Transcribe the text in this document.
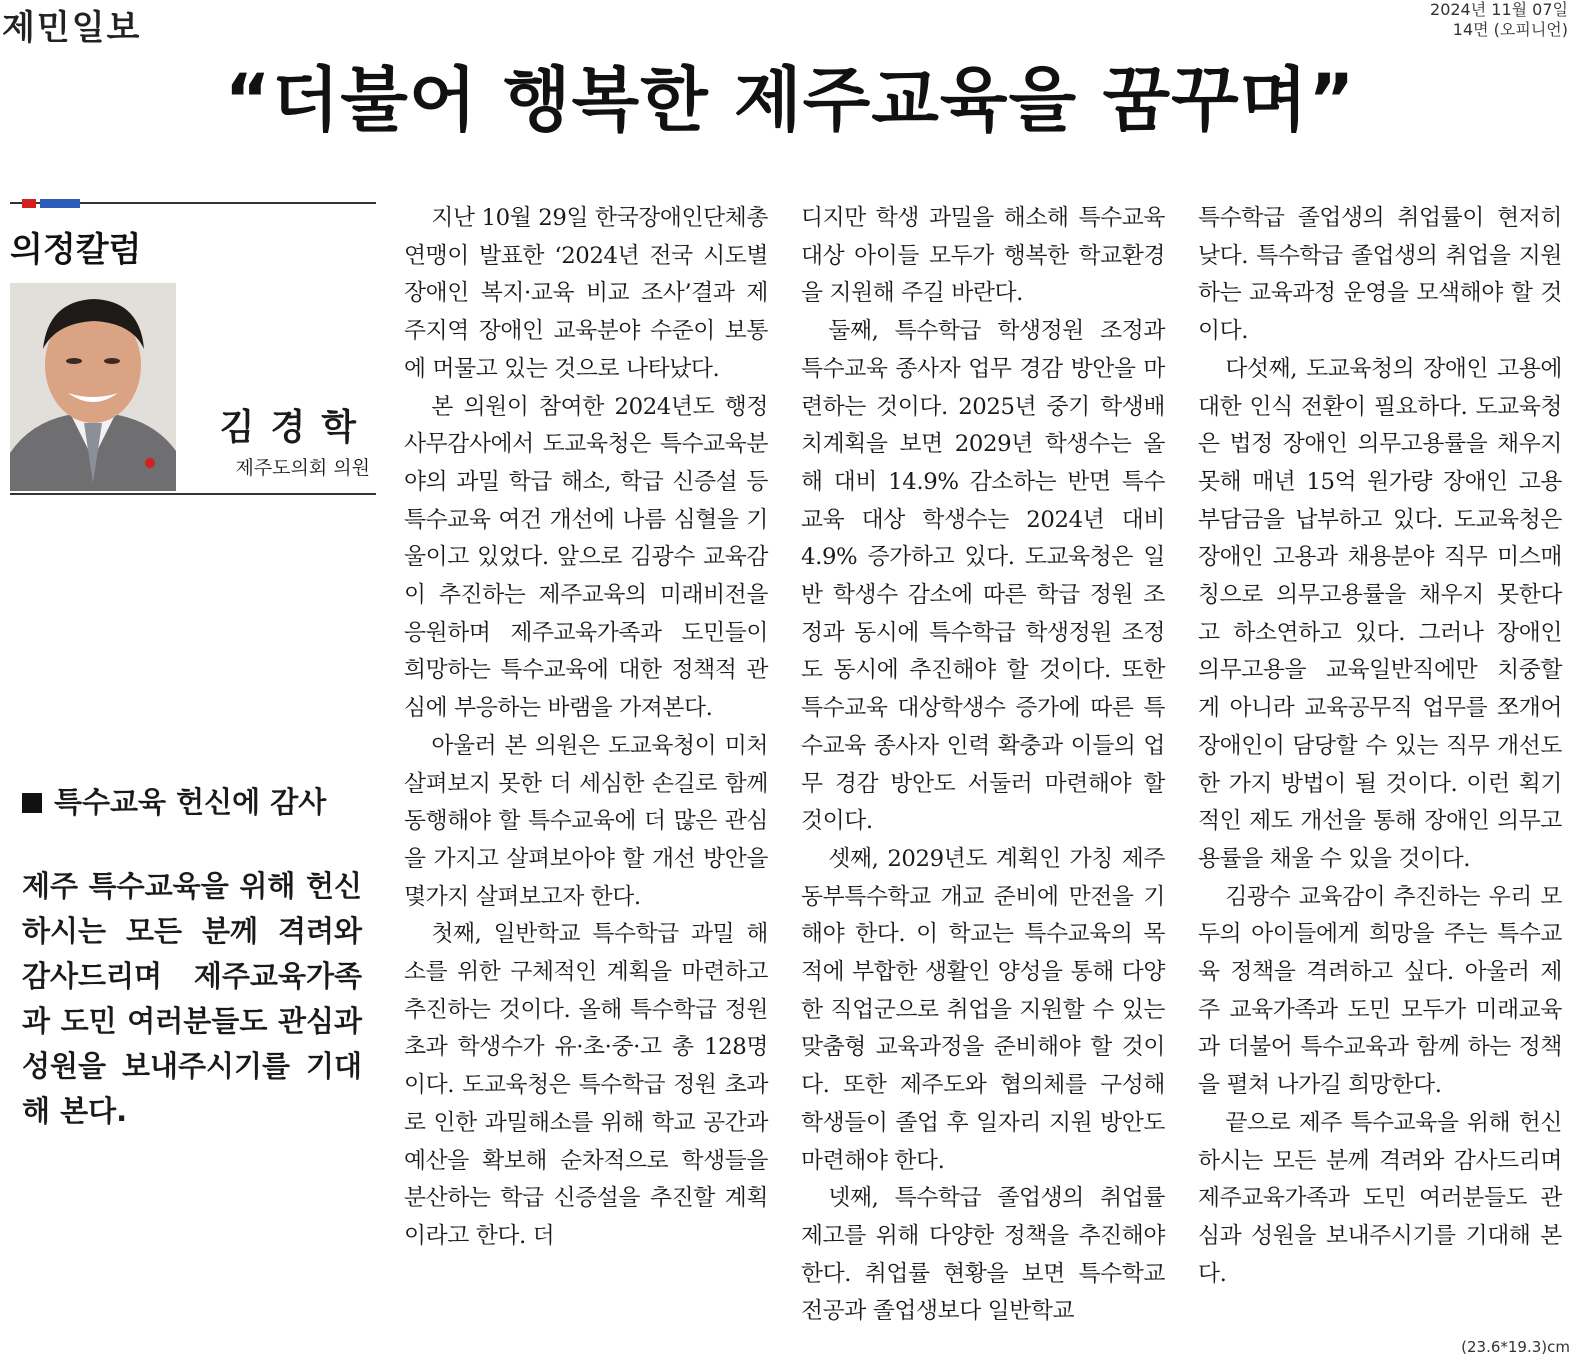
제민일보	2024년 11월 07일
14면 (오피니언)
“더불어 행복한 제주교육을 꿈꾸며”
의정칼럼
김경학
제주도의회 의원
특수교육 헌신에 감사
제주 특수교육을 위해 헌신하시는 모든 분께 격려와 감사드리며 제주교육가족과 도민 여러분들도 관심과 성원을 보내주시기를 기대해 본다.

지난 10월 29일 한국장애인단체총연맹이 발표한 ‘2024년 전국 시도별 장애인 복지·교육 비교 조사’결과 제주지역 장애인 교육분야 수준이 보통에 머물고 있는 것으로 나타났다.

본 의원이 참여한 2024년도 행정사무감사에서 도교육청은 특수교육분야의 과밀 학급 해소, 학급 신증설 등 특수교육 여건 개선에 나름 심혈을 기울이고 있었다. 앞으로 김광수 교육감이 추진하는 제주교육의 미래비전을 응원하며 제주교육가족과 도민들이 희망하는 특수교육에 대한 정책적 관심에 부응하는 바램을 가져본다.

아울러 본 의원은 도교육청이 미처 살펴보지 못한 더 세심한 손길로 함께 동행해야 할 특수교육에 더 많은 관심을 가지고 살펴보아야 할 개선 방안을 몇가지 살펴보고자 한다.

첫째, 일반학교 특수학급 과밀 해소를 위한 구체적인 계획을 마련하고 추진하는 것이다. 올해 특수학급 정원 초과 학생수가 유·초·중·고 총 128명이다. 도교육청은 특수학급 정원 초과로 인한 과밀해소를 위해 학교 공간과 예산을 확보해 순차적으로 학생들을 분산하는 학급 신증설을 추진할 계획이라고 한다. 더

디지만 학생 과밀을 해소해 특수교육 대상 아이들 모두가 행복한 학교환경을 지원해 주길 바란다.

둘째, 특수학급 학생정원 조정과 특수교육 종사자 업무 경감 방안을 마련하는 것이다. 2025년 중기 학생배치계획을 보면 2029년 학생수는 올해 대비 14.9% 감소하는 반면 특수교육 대상 학생수는 2024년 대비 4.9% 증가하고 있다. 도교육청은 일반 학생수 감소에 따른 학급 정원 조정과 동시에 특수학급 학생정원 조정도 동시에 추진해야 할 것이다. 또한 특수교육 대상학생수 증가에 따른 특수교육 종사자 인력 확충과 이들의 업무 경감 방안도 서둘러 마련해야 할 것이다.

셋째, 2029년도 계획인 가칭 제주동부특수학교 개교 준비에 만전을 기해야 한다. 이 학교는 특수교육의 목적에 부합한 생활인 양성을 통해 다양한 직업군으로 취업을 지원할 수 있는 맞춤형 교육과정을 준비해야 할 것이다. 또한 제주도와 협의체를 구성해 학생들이 졸업 후 일자리 지원 방안도 마련해야 한다.

넷째, 특수학급 졸업생의 취업률 제고를 위해 다양한 정책을 추진해야 한다. 취업률 현황을 보면 특수학교 전공과 졸업생보다 일반학교

특수학급 졸업생의 취업률이 현저히 낮다. 특수학급 졸업생의 취업을 지원하는 교육과정 운영을 모색해야 할 것이다.

다섯째, 도교육청의 장애인 고용에 대한 인식 전환이 필요하다. 도교육청은 법정 장애인 의무고용률을 채우지 못해 매년 15억 원가량 장애인 고용부담금을 납부하고 있다. 도교육청은 장애인 고용과 채용분야 직무 미스매칭으로 의무고용률을 채우지 못한다고 하소연하고 있다. 그러나 장애인 의무고용을 교육일반직에만 치중할 게 아니라 교육공무직 업무를 쪼개어 장애인이 담당할 수 있는 직무 개선도 한 가지 방법이 될 것이다. 이런 획기적인 제도 개선을 통해 장애인 의무고용률을 채울 수 있을 것이다.

김광수 교육감이 추진하는 우리 모두의 아이들에게 희망을 주는 특수교육 정책을 격려하고 싶다. 아울러 제주 교육가족과 도민 모두가 미래교육과 더불어 특수교육과 함께 하는 정책을 펼쳐 나가길 희망한다.

끝으로 제주 특수교육을 위해 헌신하시는 모든 분께 격려와 감사드리며 제주교육가족과 도민 여러분들도 관심과 성원을 보내주시기를 기대해 본다.

(23.6*19.3)cm
